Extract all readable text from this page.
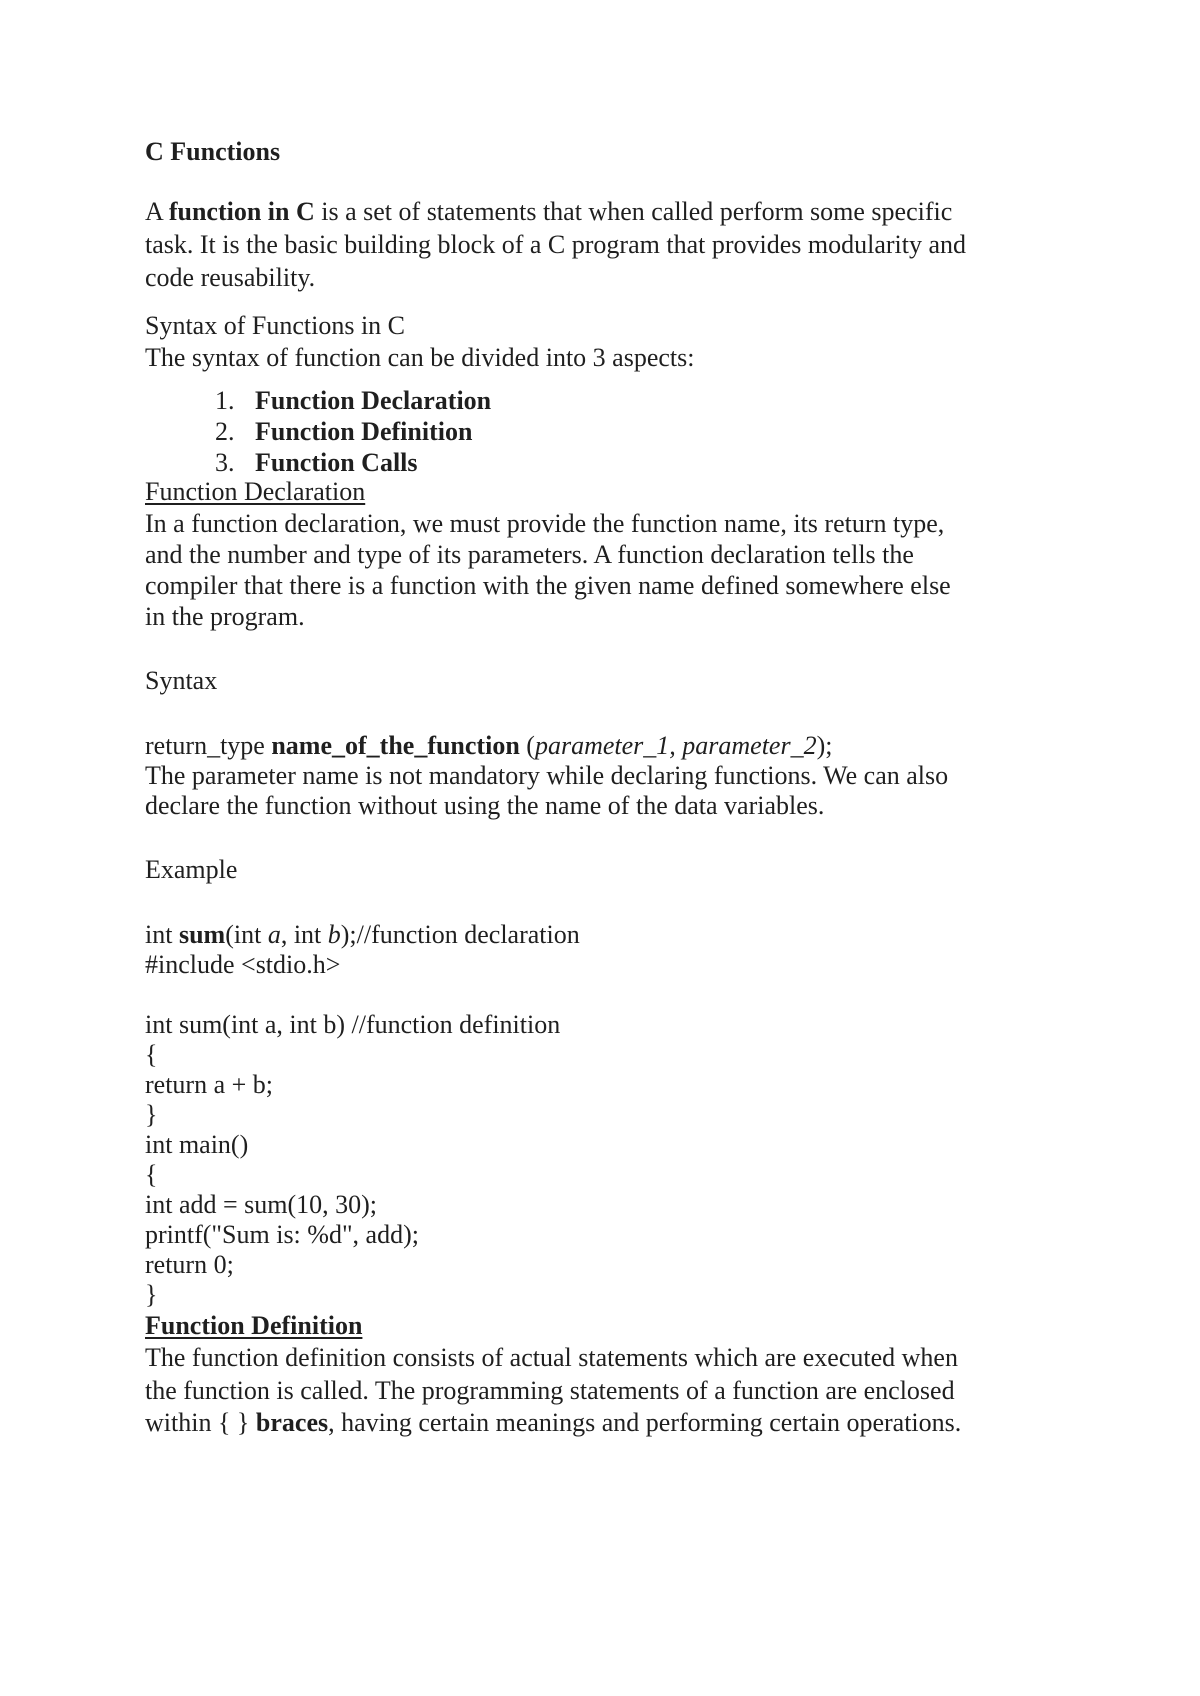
C Functions

A function in C is a set of statements that when called perform some specific

task. It is the basic building block of a C program that provides modularity and

code reusability.

Syntax of Functions in C

The syntax of function can be divided into 3 aspects:

1. Function Declaration
2. Function Definition
3. Function Calls

Function Declaration

In a function declaration, we must provide the function name, its return type,

and the number and type of its parameters. A function declaration tells the

compiler that there is a function with the given name defined somewhere else

in the program.

Syntax

return_type name_of_the_function (parameter_1, parameter_2);

The parameter name is not mandatory while declaring functions. We can also

declare the function without using the name of the data variables.

Example

int sum(int a, int b);//function declaration

#include <stdio.h>

int sum(int a, int b) //function definition

{

return a + b;

}

int main()

{

int add = sum(10, 30);

printf("Sum is: %d", add);

return 0;

}

Function Definition

The function definition consists of actual statements which are executed when

the function is called. The programming statements of a function are enclosed

within { } braces, having certain meanings and performing certain operations.
